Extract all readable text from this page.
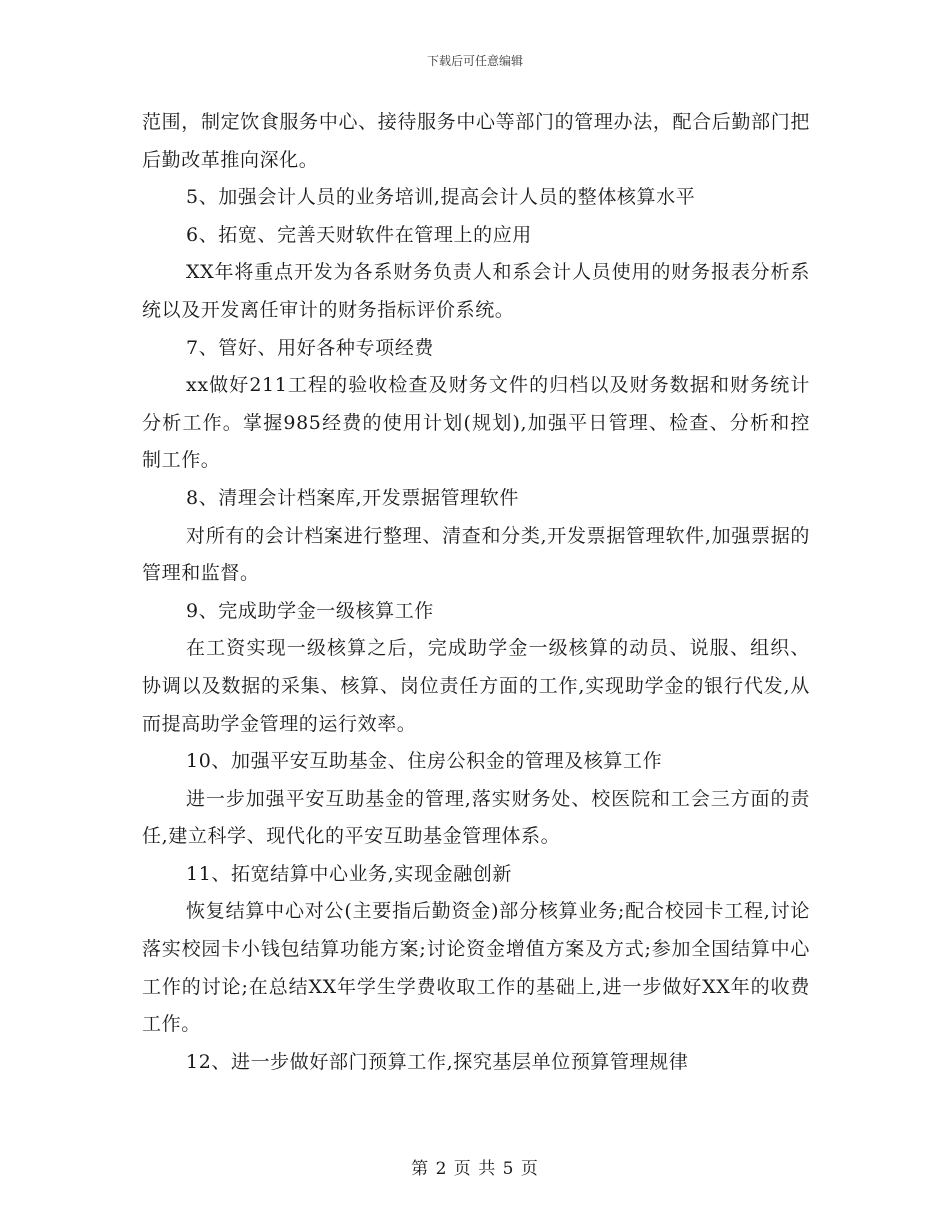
下载后可任意编辑

范围，制定饮食服务中心、接待服务中心等部门的管理办法，配合后勤部门把后勤改革推向深化。

5、加强会计人员的业务培训,提高会计人员的整体核算水平

6、拓宽、完善天财软件在管理上的应用

XX年将重点开发为各系财务负责人和系会计人员使用的财务报表分析系统以及开发离任审计的财务指标评价系统。

7、管好、用好各种专项经费

xx做好211工程的验收检查及财务文件的归档以及财务数据和财务统计分析工作。掌握985经费的使用计划(规划),加强平日管理、检查、分析和控制工作。

8、清理会计档案库,开发票据管理软件

对所有的会计档案进行整理、清查和分类,开发票据管理软件,加强票据的管理和监督。

9、完成助学金一级核算工作

在工资实现一级核算之后，完成助学金一级核算的动员、说服、组织、协调以及数据的采集、核算、岗位责任方面的工作,实现助学金的银行代发,从而提高助学金管理的运行效率。

10、加强平安互助基金、住房公积金的管理及核算工作

进一步加强平安互助基金的管理,落实财务处、校医院和工会三方面的责任,建立科学、现代化的平安互助基金管理体系。

11、拓宽结算中心业务,实现金融创新

恢复结算中心对公(主要指后勤资金)部分核算业务;配合校园卡工程,讨论落实校园卡小钱包结算功能方案;讨论资金增值方案及方式;参加全国结算中心工作的讨论;在总结XX年学生学费收取工作的基础上,进一步做好XX年的收费工作。

12、进一步做好部门预算工作,探究基层单位预算管理规律

第 2 页 共 5 页
